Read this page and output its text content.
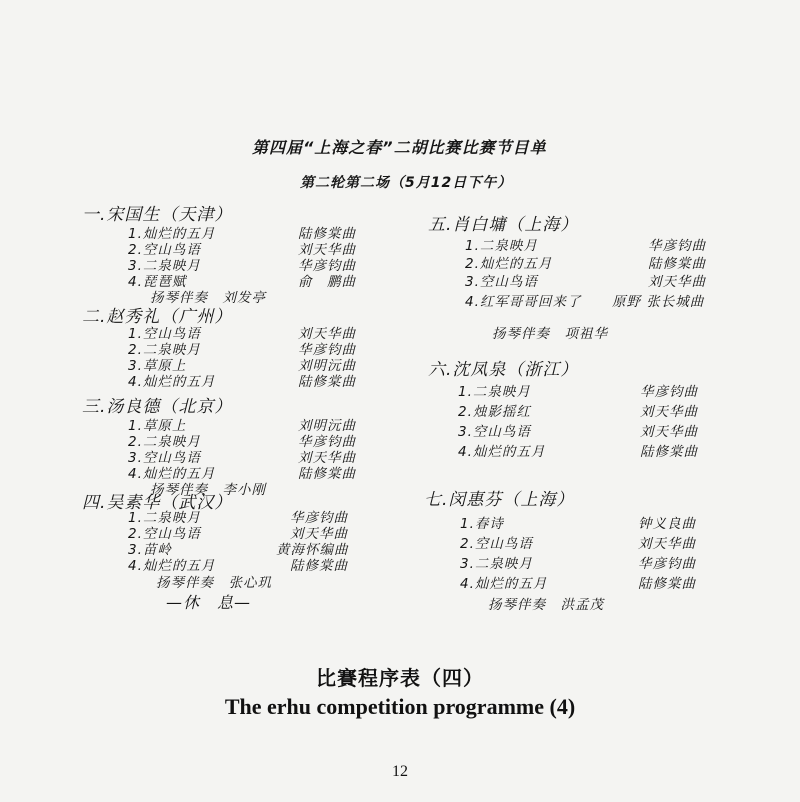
第四届“上海之春”二胡比赛比赛节目单
第二轮第二场（5月12日下午）
一.宋国生（天津）
1.灿烂的五月
2.空山鸟语
3.二泉映月
4.琵琶赋
陆修棠曲
刘天华曲
华彦钧曲
俞　鹏曲
扬琴伴奏　刘发亭
二.赵秀礼（广州）
1.空山鸟语
2.二泉映月
3.草原上
4.灿烂的五月
刘天华曲
华彦钧曲
刘明沅曲
陆修棠曲
三.汤良德（北京）
1.草原上
2.二泉映月
3.空山鸟语
4.灿烂的五月
刘明沅曲
华彦钧曲
刘天华曲
陆修棠曲
扬琴伴奏　李小刚
四.吴素华（武汉）
1.二泉映月
2.空山鸟语
3.苗岭
4.灿烂的五月
华彦钧曲
刘天华曲
黄海怀编曲
陆修棠曲
扬琴伴奏　张心玑
—休　息—
五.肖白墉（上海）
1.二泉映月
2.灿烂的五月
3.空山鸟语
4.红军哥哥回来了
华彦钧曲
陆修棠曲
刘天华曲
原野 张长城曲
扬琴伴奏　项祖华
六.沈凤泉（浙江）
1.二泉映月
2.烛影摇红
3.空山鸟语
4.灿烂的五月
华彦钧曲
刘天华曲
刘天华曲
陆修棠曲
七.闵惠芬（上海）
1.春诗
2.空山鸟语
3.二泉映月
4.灿烂的五月
钟义良曲
刘天华曲
华彦钧曲
陆修棠曲
扬琴伴奏　洪孟茂
比賽程序表（四）
The erhu competition programme (4)
12
